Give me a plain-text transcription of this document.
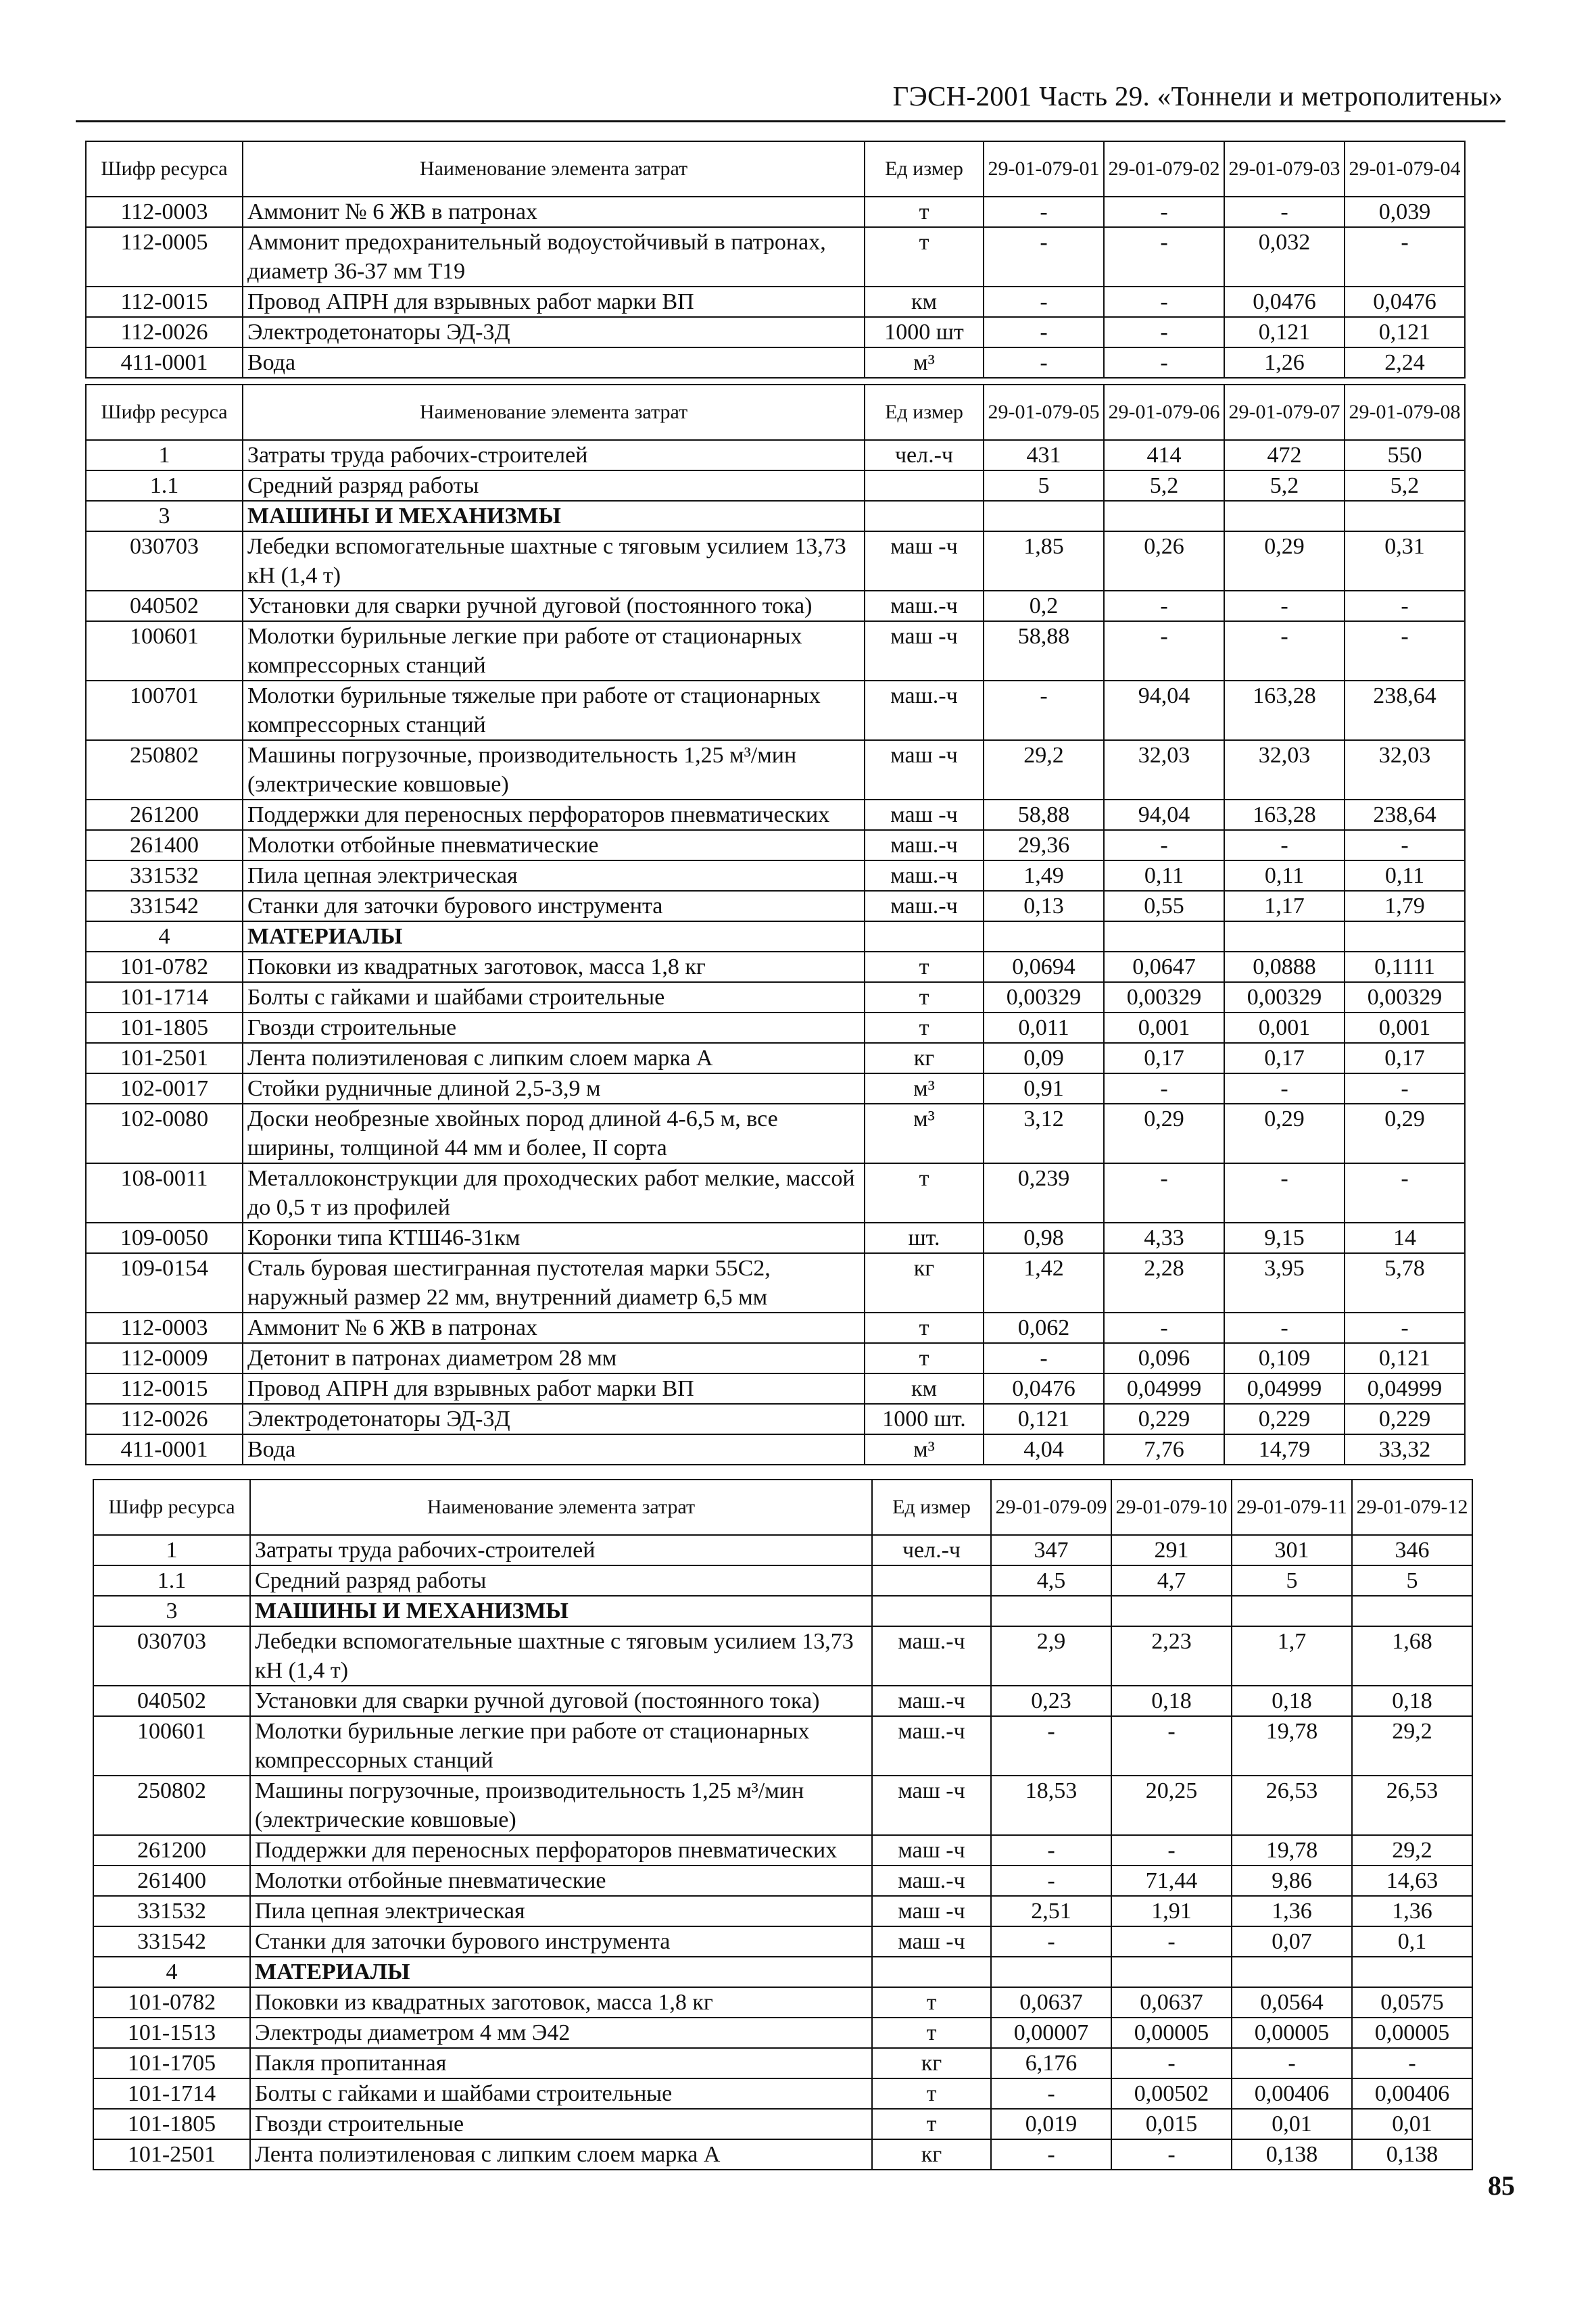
ГЭСН-2001 Часть 29. «Тоннели и метрополитены»
Шифр ресурса	Наименование элемента затрат	Ед измер	29-01-079-01	29-01-079-02	29-01-079-03	29-01-079-04
112-0003	Аммонит № 6 ЖВ в патронах	т	-	-	-	0,039
112-0005	Аммонит предохранительный водоустойчивый в патронах, диаметр 36-37 мм Т19	т	-	-	0,032	-
112-0015	Провод АПРН для взрывных работ марки ВП	км	-	-	0,0476	0,0476
112-0026	Электродетонаторы ЭД-3Д	1000 шт	-	-	0,121	0,121
411-0001	Вода	м³	-	-	1,26	2,24
Шифр ресурса	Наименование элемента затрат	Ед измер	29-01-079-05	29-01-079-06	29-01-079-07	29-01-079-08
1	Затраты труда рабочих-строителей	чел.-ч	431	414	472	550
1.1	Средний разряд работы		5	5,2	5,2	5,2
3	МАШИНЫ И МЕХАНИЗМЫ					
030703	Лебедки вспомогательные шахтные с тяговым усилием 13,73 кН (1,4 т)	маш -ч	1,85	0,26	0,29	0,31
040502	Установки для сварки ручной дуговой (постоянного тока)	маш.-ч	0,2	-	-	-
100601	Молотки бурильные легкие при работе от стационарных компрессорных станций	маш -ч	58,88	-	-	-
100701	Молотки бурильные тяжелые при работе от стационарных компрессорных станций	маш.-ч	-	94,04	163,28	238,64
250802	Машины погрузочные, производительность 1,25 м³/мин (электрические ковшовые)	маш -ч	29,2	32,03	32,03	32,03
261200	Поддержки для переносных перфораторов пневматических	маш -ч	58,88	94,04	163,28	238,64
261400	Молотки отбойные пневматические	маш.-ч	29,36	-	-	-
331532	Пила цепная электрическая	маш.-ч	1,49	0,11	0,11	0,11
331542	Станки для заточки бурового инструмента	маш.-ч	0,13	0,55	1,17	1,79
4	МАТЕРИАЛЫ					
101-0782	Поковки из квадратных заготовок, масса 1,8 кг	т	0,0694	0,0647	0,0888	0,1111
101-1714	Болты с гайками и шайбами строительные	т	0,00329	0,00329	0,00329	0,00329
101-1805	Гвозди строительные	т	0,011	0,001	0,001	0,001
101-2501	Лента полиэтиленовая с липким слоем марка А	кг	0,09	0,17	0,17	0,17
102-0017	Стойки рудничные длиной 2,5-3,9 м	м³	0,91	-	-	-
102-0080	Доски необрезные хвойных пород длиной 4-6,5 м, все ширины, толщиной 44 мм и более, II сорта	м³	3,12	0,29	0,29	0,29
108-0011	Металлоконструкции для проходческих работ мелкие, массой до 0,5 т из профилей	т	0,239	-	-	-
109-0050	Коронки типа КТШ46-31км	шт.	0,98	4,33	9,15	14
109-0154	Сталь буровая шестигранная пустотелая марки 55С2, наружный размер 22 мм, внутренний диаметр 6,5 мм	кг	1,42	2,28	3,95	5,78
112-0003	Аммонит № 6 ЖВ в патронах	т	0,062	-	-	-
112-0009	Детонит в патронах диаметром 28 мм	т	-	0,096	0,109	0,121
112-0015	Провод АПРН для взрывных работ марки ВП	км	0,0476	0,04999	0,04999	0,04999
112-0026	Электродетонаторы ЭД-3Д	1000 шт.	0,121	0,229	0,229	0,229
411-0001	Вода	м³	4,04	7,76	14,79	33,32
Шифр ресурса	Наименование элемента затрат	Ед измер	29-01-079-09	29-01-079-10	29-01-079-11	29-01-079-12
1	Затраты труда рабочих-строителей	чел.-ч	347	291	301	346
1.1	Средний разряд работы		4,5	4,7	5	5
3	МАШИНЫ И МЕХАНИЗМЫ					
030703	Лебедки вспомогательные шахтные с тяговым усилием 13,73 кН (1,4 т)	маш.-ч	2,9	2,23	1,7	1,68
040502	Установки для сварки ручной дуговой (постоянного тока)	маш.-ч	0,23	0,18	0,18	0,18
100601	Молотки бурильные легкие при работе от стационарных компрессорных станций	маш.-ч	-	-	19,78	29,2
250802	Машины погрузочные, производительность 1,25 м³/мин (электрические ковшовые)	маш -ч	18,53	20,25	26,53	26,53
261200	Поддержки для переносных перфораторов пневматических	маш -ч	-	-	19,78	29,2
261400	Молотки отбойные пневматические	маш.-ч	-	71,44	9,86	14,63
331532	Пила цепная электрическая	маш -ч	2,51	1,91	1,36	1,36
331542	Станки для заточки бурового инструмента	маш -ч	-	-	0,07	0,1
4	МАТЕРИАЛЫ					
101-0782	Поковки из квадратных заготовок, масса 1,8 кг	т	0,0637	0,0637	0,0564	0,0575
101-1513	Электроды диаметром 4 мм Э42	т	0,00007	0,00005	0,00005	0,00005
101-1705	Пакля пропитанная	кг	6,176	-	-	-
101-1714	Болты с гайками и шайбами строительные	т	-	0,00502	0,00406	0,00406
101-1805	Гвозди строительные	т	0,019	0,015	0,01	0,01
101-2501	Лента полиэтиленовая с липким слоем марка А	кг	-	-	0,138	0,138
85
